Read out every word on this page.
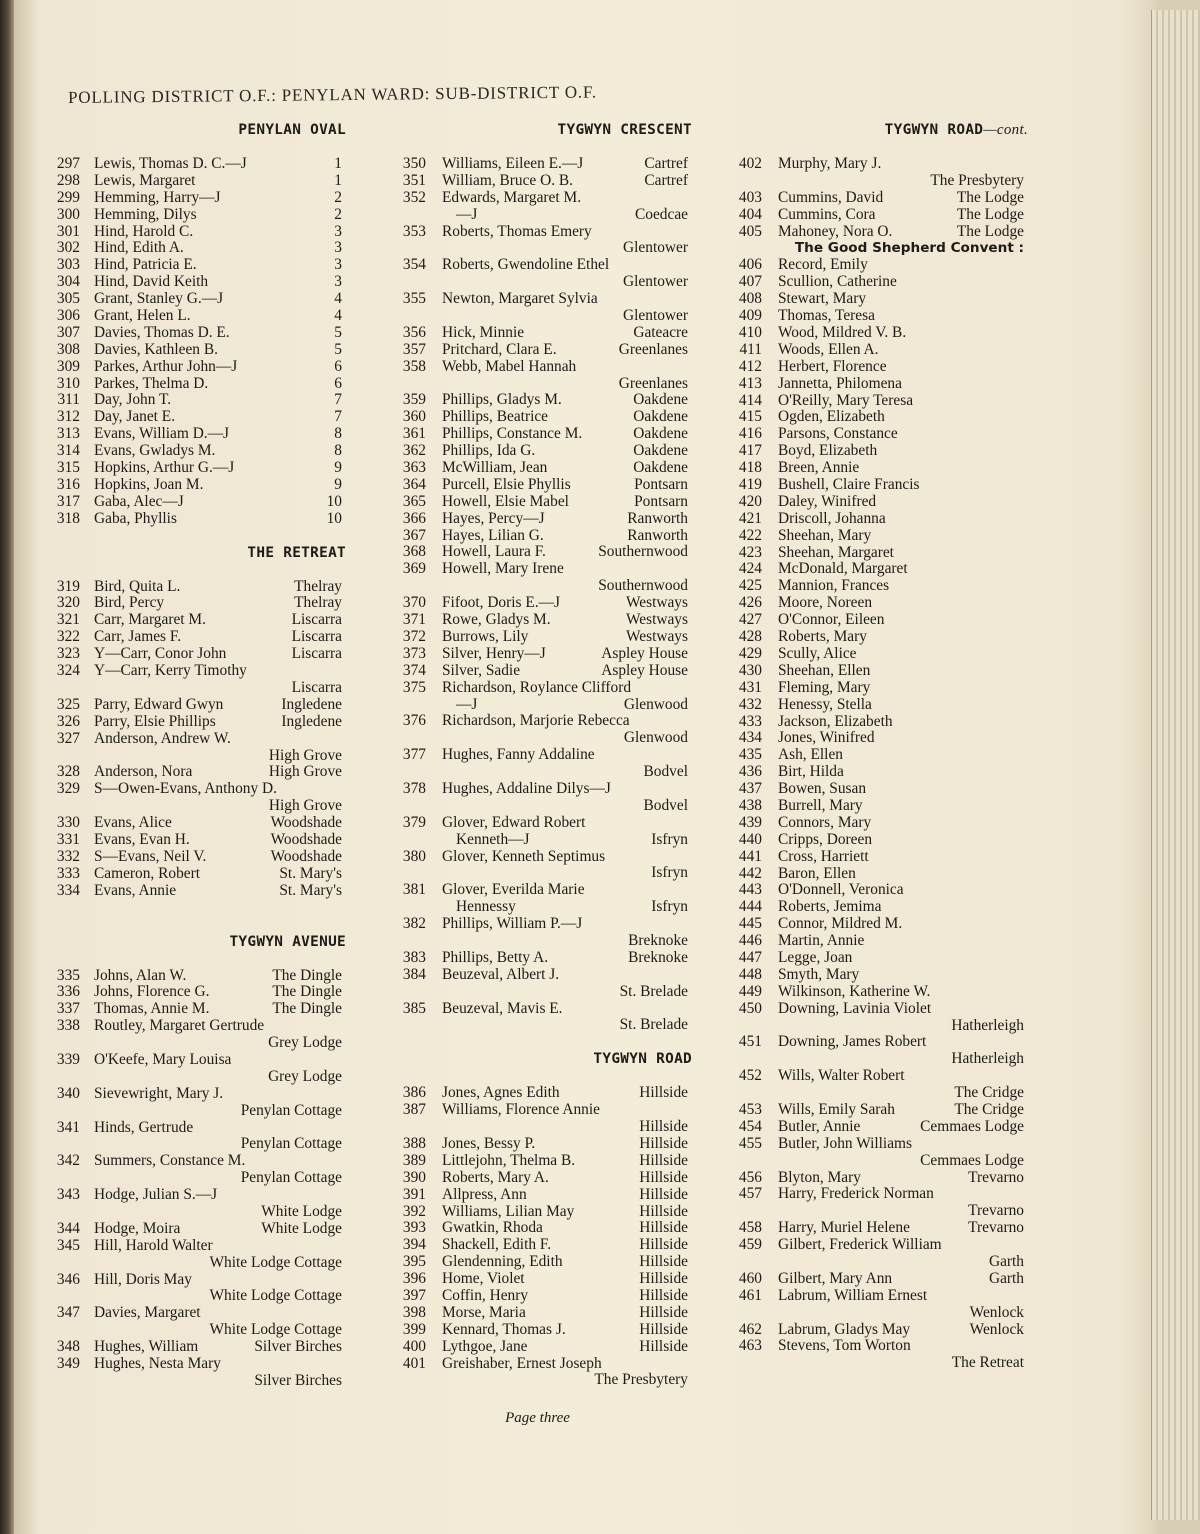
POLLING DISTRICT O.F.: PENYLAN WARD: SUB-DISTRICT O.F.
PENYLAN OVAL
297 Lewis, Thomas D. C.—J	1
298 Lewis, Margaret	1
299 Hemming, Harry—J	2
300 Hemming, Dilys	2
301 Hind, Harold C.	3
302 Hind, Edith A.	3
303 Hind, Patricia E.	3
304 Hind, David Keith	3
305 Grant, Stanley G.—J	4
306 Grant, Helen L.	4
307 Davies, Thomas D. E.	5
308 Davies, Kathleen B.	5
309 Parkes, Arthur John—J	6
310 Parkes, Thelma D.	6
311 Day, John T.	7
312 Day, Janet E.	7
313 Evans, William D.—J	8
314 Evans, Gwladys M.	8
315 Hopkins, Arthur G.—J	9
316 Hopkins, Joan M.	9
317 Gaba, Alec—J	10
318 Gaba, Phyllis	10
THE RETREAT
319 Bird, Quita L.	Thelray
320 Bird, Percy	Thelray
321 Carr, Margaret M.	Liscarra
322 Carr, James F.	Liscarra
323 Y—Carr, Conor John	Liscarra
324 Y—Carr, Kerry Timothy
Liscarra
325 Parry, Edward Gwyn	Ingledene
326 Parry, Elsie Phillips	Ingledene
327 Anderson, Andrew W.
High Grove
328 Anderson, Nora	High Grove
329 S—Owen-Evans, Anthony D.
High Grove
330 Evans, Alice	Woodshade
331 Evans, Evan H.	Woodshade
332 S—Evans, Neil V.	Woodshade
333 Cameron, Robert	St. Mary's
334 Evans, Annie	St. Mary's
TYGWYN AVENUE
335 Johns, Alan W.	The Dingle
336 Johns, Florence G.	The Dingle
337 Thomas, Annie M.	The Dingle
338 Routley, Margaret Gertrude
Grey Lodge
339 O'Keefe, Mary Louisa
Grey Lodge
340 Sievewright, Mary J.
Penylan Cottage
341 Hinds, Gertrude
Penylan Cottage
342 Summers, Constance M.
Penylan Cottage
343 Hodge, Julian S.—J
White Lodge
344 Hodge, Moira	White Lodge
345 Hill, Harold Walter
White Lodge Cottage
346 Hill, Doris May
White Lodge Cottage
347 Davies, Margaret
White Lodge Cottage
348 Hughes, William	Silver Birches
349 Hughes, Nesta Mary
Silver Birches
TYGWYN CRESCENT
350 Williams, Eileen E.—J	Cartref
351 William, Bruce O. B.	Cartref
352 Edwards, Margaret M.
—J	Coedcae
353 Roberts, Thomas Emery
Glentower
354 Roberts, Gwendoline Ethel
Glentower
355 Newton, Margaret Sylvia
Glentower
356 Hick, Minnie	Gateacre
357 Pritchard, Clara E.	Greenlanes
358 Webb, Mabel Hannah
Greenlanes
359 Phillips, Gladys M.	Oakdene
360 Phillips, Beatrice	Oakdene
361 Phillips, Constance M.	Oakdene
362 Phillips, Ida G.	Oakdene
363 McWilliam, Jean	Oakdene
364 Purcell, Elsie Phyllis	Pontsarn
365 Howell, Elsie Mabel	Pontsarn
366 Hayes, Percy—J	Ranworth
367 Hayes, Lilian G.	Ranworth
368 Howell, Laura F.	Southernwood
369 Howell, Mary Irene
Southernwood
370 Fifoot, Doris E.—J	Westways
371 Rowe, Gladys M.	Westways
372 Burrows, Lily	Westways
373 Silver, Henry—J	Aspley House
374 Silver, Sadie	Aspley House
375 Richardson, Roylance Clifford
—J	Glenwood
376 Richardson, Marjorie Rebecca
Glenwood
377 Hughes, Fanny Addaline
Bodvel
378 Hughes, Addaline Dilys—J
Bodvel
379 Glover, Edward Robert
Kenneth—J	Isfryn
380 Glover, Kenneth Septimus
Isfryn
381 Glover, Everilda Marie
Hennessy	Isfryn
382 Phillips, William P.—J
Breknoke
383 Phillips, Betty A.	Breknoke
384 Beuzeval, Albert J.
St. Brelade
385 Beuzeval, Mavis E.
St. Brelade
TYGWYN ROAD
386 Jones, Agnes Edith	Hillside
387 Williams, Florence Annie
Hillside
388 Jones, Bessy P.	Hillside
389 Littlejohn, Thelma B.	Hillside
390 Roberts, Mary A.	Hillside
391 Allpress, Ann	Hillside
392 Williams, Lilian May	Hillside
393 Gwatkin, Rhoda	Hillside
394 Shackell, Edith F.	Hillside
395 Glendenning, Edith	Hillside
396 Home, Violet	Hillside
397 Coffin, Henry	Hillside
398 Morse, Maria	Hillside
399 Kennard, Thomas J.	Hillside
400 Lythgoe, Jane	Hillside
401 Greishaber, Ernest Joseph
The Presbytery
TYGWYN ROAD—cont.
402 Murphy, Mary J.
The Presbytery
403 Cummins, David	The Lodge
404 Cummins, Cora	The Lodge
405 Mahoney, Nora O.	The Lodge
The Good Shepherd Convent :
406 Record, Emily
407 Scullion, Catherine
408 Stewart, Mary
409 Thomas, Teresa
410 Wood, Mildred V. B.
411 Woods, Ellen A.
412 Herbert, Florence
413 Jannetta, Philomena
414 O'Reilly, Mary Teresa
415 Ogden, Elizabeth
416 Parsons, Constance
417 Boyd, Elizabeth
418 Breen, Annie
419 Bushell, Claire Francis
420 Daley, Winifred
421 Driscoll, Johanna
422 Sheehan, Mary
423 Sheehan, Margaret
424 McDonald, Margaret
425 Mannion, Frances
426 Moore, Noreen
427 O'Connor, Eileen
428 Roberts, Mary
429 Scully, Alice
430 Sheehan, Ellen
431 Fleming, Mary
432 Henessy, Stella
433 Jackson, Elizabeth
434 Jones, Winifred
435 Ash, Ellen
436 Birt, Hilda
437 Bowen, Susan
438 Burrell, Mary
439 Connors, Mary
440 Cripps, Doreen
441 Cross, Harriett
442 Baron, Ellen
443 O'Donnell, Veronica
444 Roberts, Jemima
445 Connor, Mildred M.
446 Martin, Annie
447 Legge, Joan
448 Smyth, Mary
449 Wilkinson, Katherine W.
450 Downing, Lavinia Violet
Hatherleigh
451 Downing, James Robert
Hatherleigh
452 Wills, Walter Robert
The Cridge
453 Wills, Emily Sarah	The Cridge
454 Butler, Annie	Cemmaes Lodge
455 Butler, John Williams
Cemmaes Lodge
456 Blyton, Mary	Trevarno
457 Harry, Frederick Norman
Trevarno
458 Harry, Muriel Helene	Trevarno
459 Gilbert, Frederick William
Garth
460 Gilbert, Mary Ann	Garth
461 Labrum, William Ernest
Wenlock
462 Labrum, Gladys May	Wenlock
463 Stevens, Tom Worton
The Retreat
Page three
